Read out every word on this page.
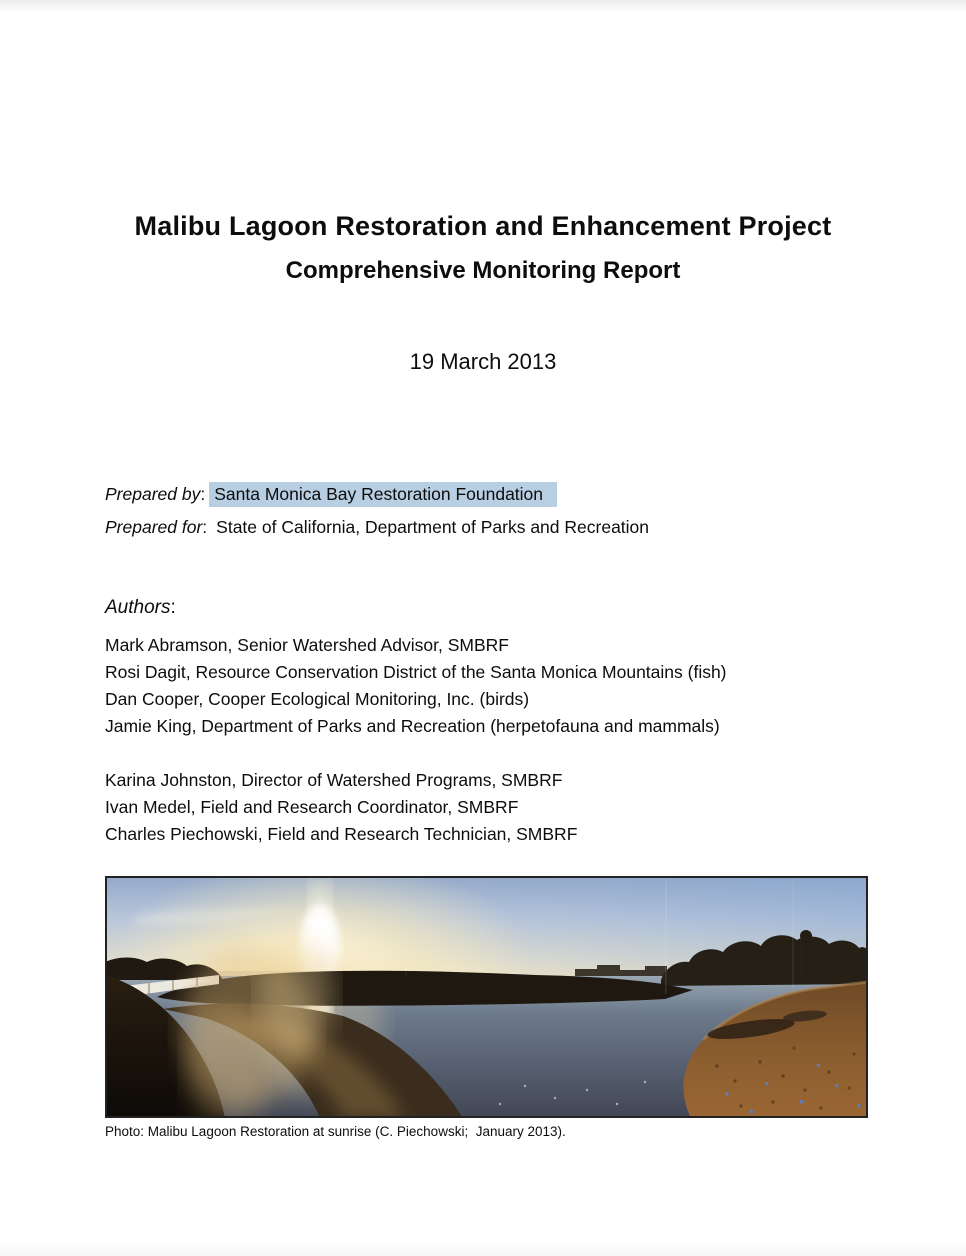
Malibu Lagoon Restoration and Enhancement Project
Comprehensive Monitoring Report
19 March 2013
Prepared by: Santa Monica Bay Restoration Foundation
Prepared for: State of California, Department of Parks and Recreation
Authors:
Mark Abramson, Senior Watershed Advisor, SMBRF
Rosi Dagit, Resource Conservation District of the Santa Monica Mountains (fish)
Dan Cooper, Cooper Ecological Monitoring, Inc. (birds)
Jamie King, Department of Parks and Recreation (herpetofauna and mammals)
Karina Johnston, Director of Watershed Programs, SMBRF
Ivan Medel, Field and Research Coordinator, SMBRF
Charles Piechowski, Field and Research Technician, SMBRF
Photo: Malibu Lagoon Restoration at sunrise (C. Piechowski;  January 2013).
